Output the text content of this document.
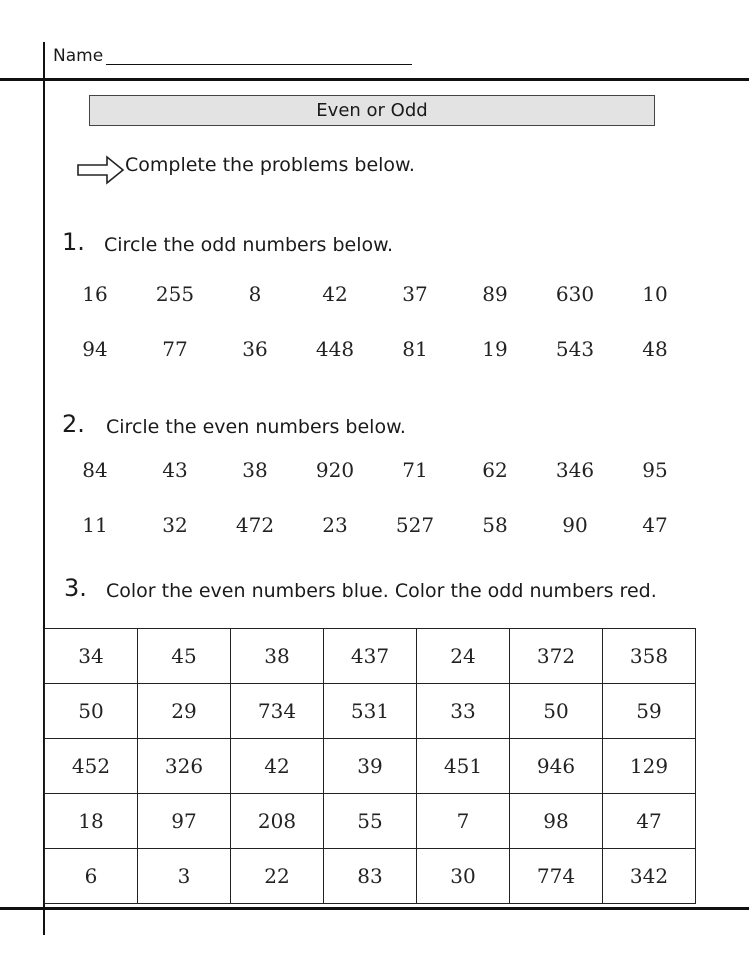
Name
Even or Odd
Complete the problems below.
1. Circle the odd numbers below.
16	255	8	42	37	89	630	10
94	77	36	448	81	19	543	48
2. Circle the even numbers below.
84	43	38	920	71	62	346	95
11	32	472	23	527	58	90	47
3. Color the even numbers blue. Color the odd numbers red.
34	45	38	437	24	372	358
50	29	734	531	33	50	59
452	326	42	39	451	946	129
18	97	208	55	7	98	47
6	3	22	83	30	774	342
